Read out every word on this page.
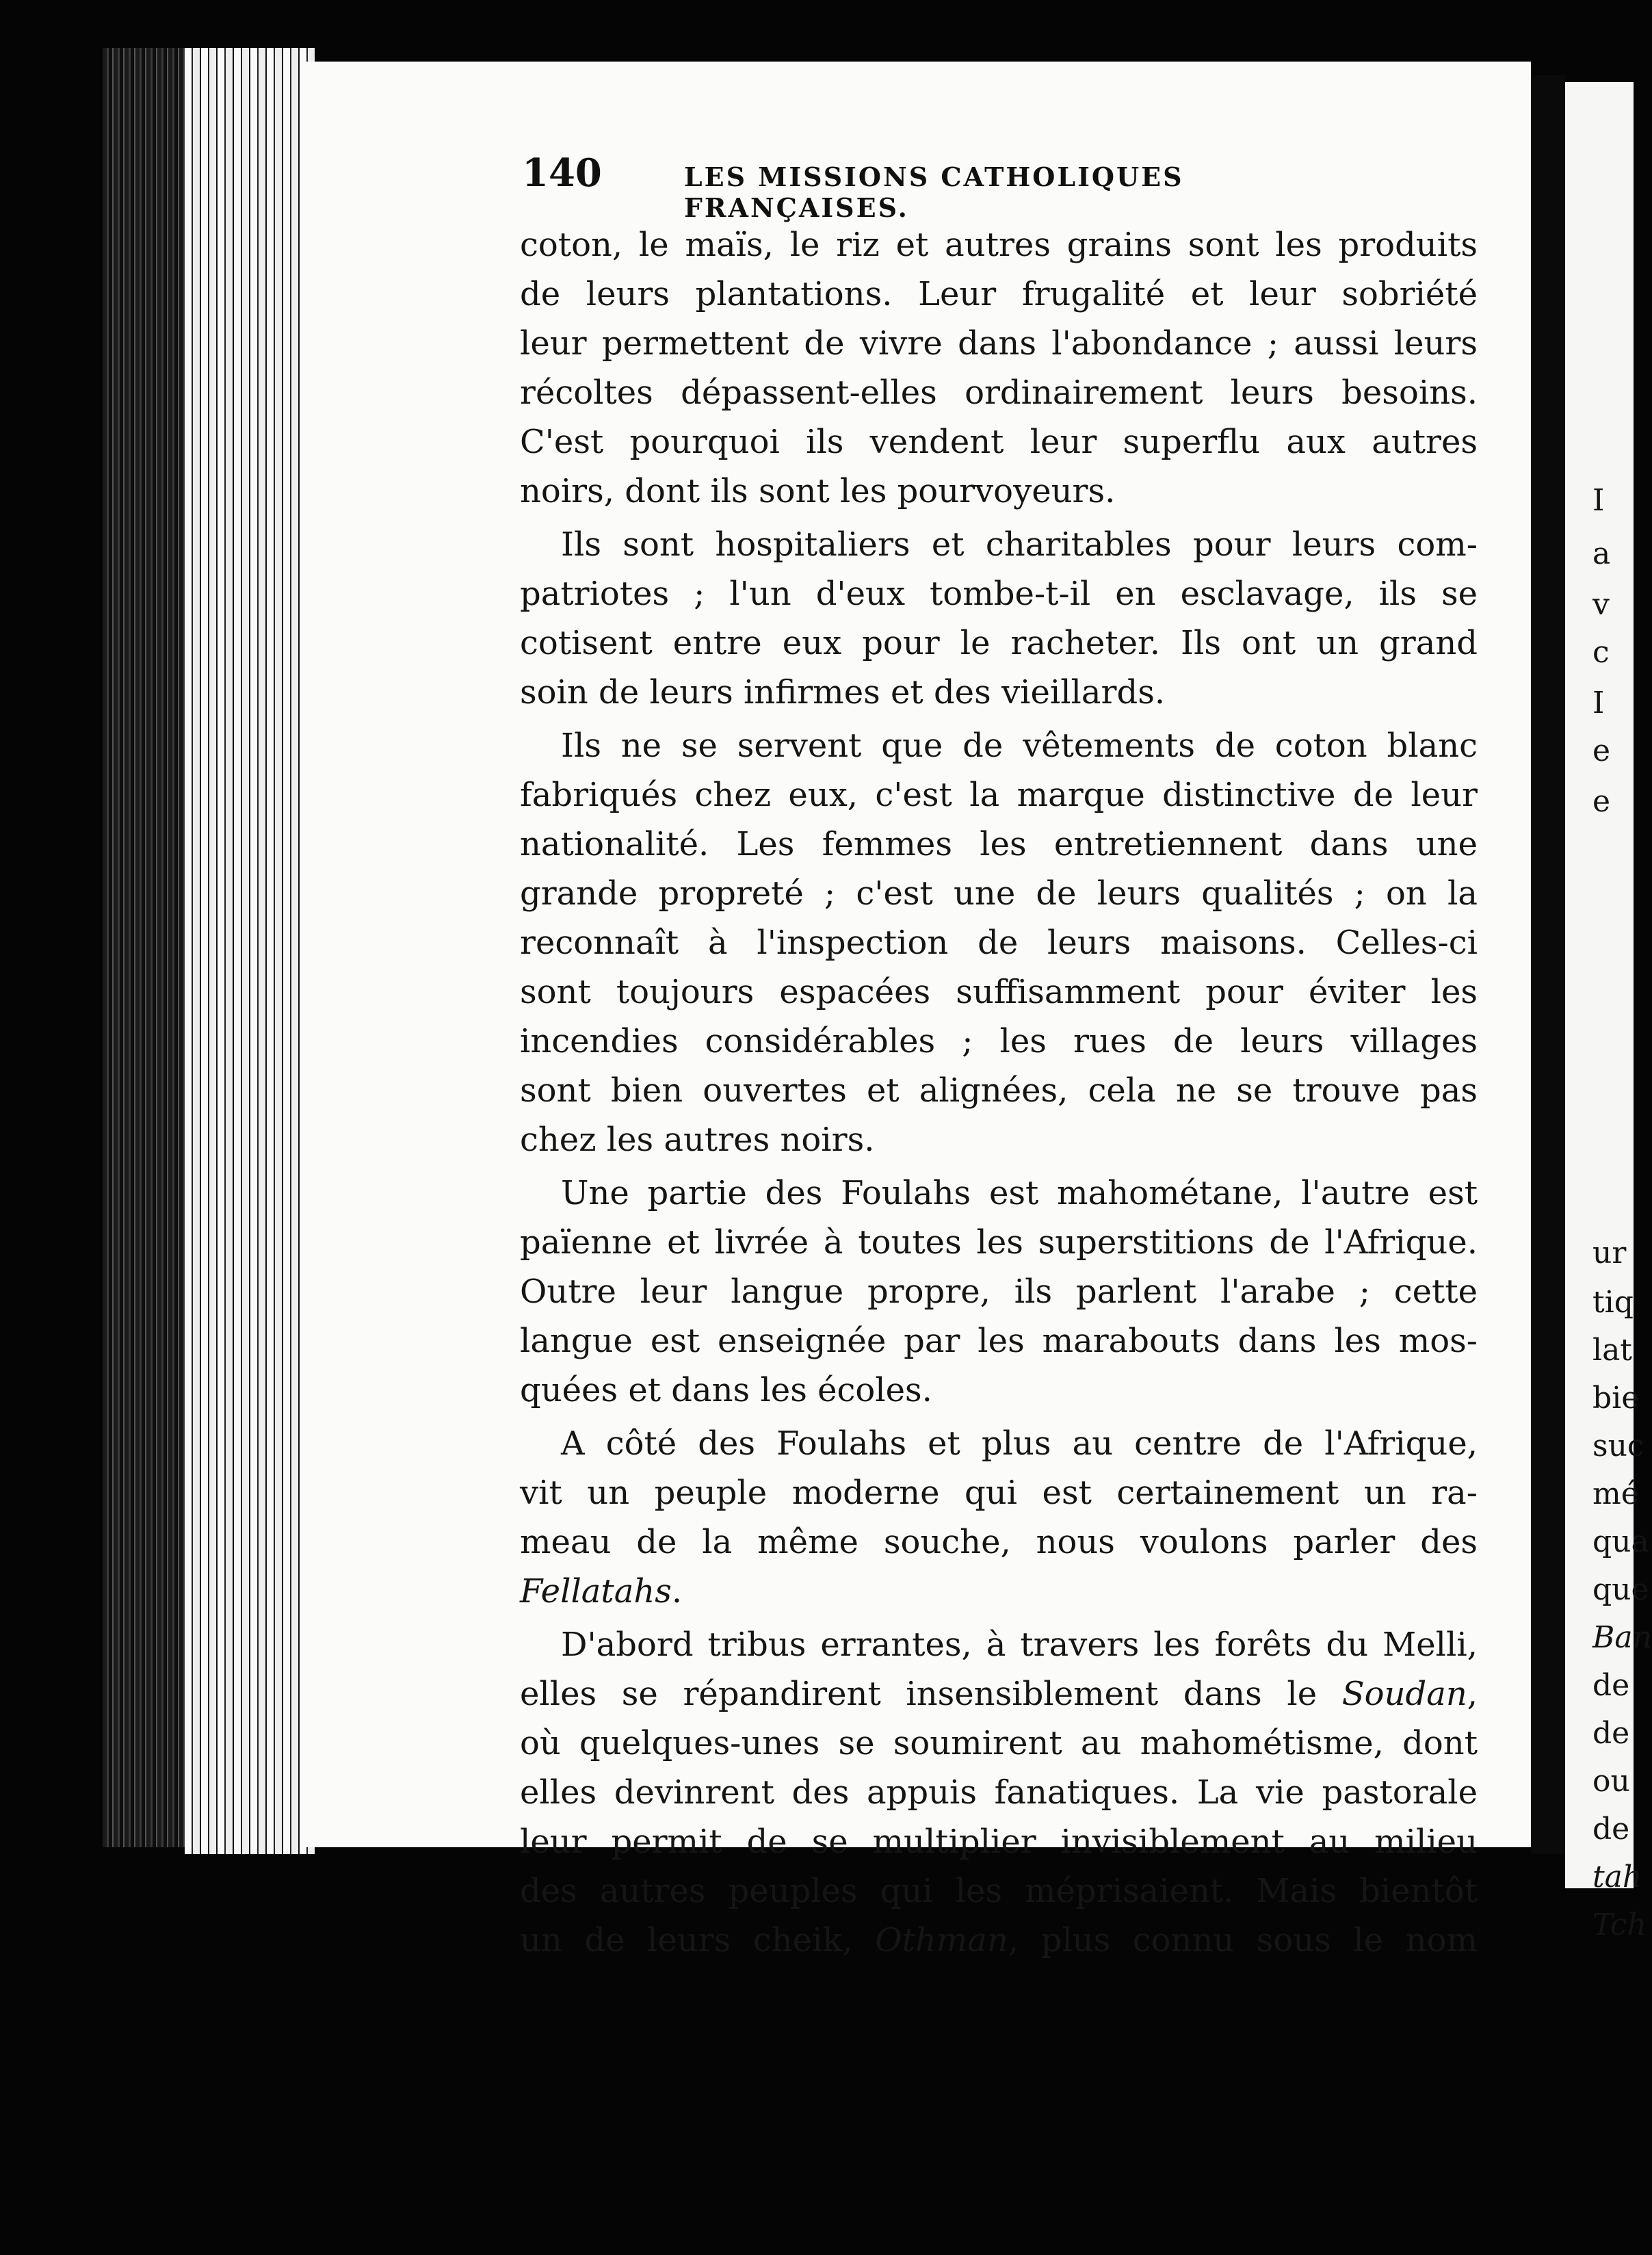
I
a
v
c
I
e
e
ur
tiq
lat
bie
suc
mé
qua
que
Ban
de
de
ou
de
tah
Tch
140	LES MISSIONS CATHOLIQUES FRANÇAISES.
coton, le maïs, le riz et autres grains sont les produits
de leurs plantations. Leur frugalité et leur sobriété
leur permettent de vivre dans l'abondance ; aussi leurs
récoltes dépassent-elles ordinairement leurs besoins.
C'est pourquoi ils vendent leur superflu aux autres
noirs, dont ils sont les pourvoyeurs.
Ils sont hospitaliers et charitables pour leurs com-
patriotes ; l'un d'eux tombe-t-il en esclavage, ils se
cotisent entre eux pour le racheter. Ils ont un grand
soin de leurs infirmes et des vieillards.
Ils ne se servent que de vêtements de coton blanc
fabriqués chez eux, c'est la marque distinctive de leur
nationalité. Les femmes les entretiennent dans une
grande propreté ; c'est une de leurs qualités ; on la
reconnaît à l'inspection de leurs maisons. Celles-ci
sont toujours espacées suffisamment pour éviter les
incendies considérables ; les rues de leurs villages
sont bien ouvertes et alignées, cela ne se trouve pas
chez les autres noirs.
Une partie des Foulahs est mahométane, l'autre est
païenne et livrée à toutes les superstitions de l'Afrique.
Outre leur langue propre, ils parlent l'arabe ; cette
langue est enseignée par les marabouts dans les mos-
quées et dans les écoles.
A côté des Foulahs et plus au centre de l'Afrique,
vit un peuple moderne qui est certainement un ra-
meau de la même souche, nous voulons parler des
Fellatahs.
D'abord tribus errantes, à travers les forêts du Melli,
elles se répandirent insensiblement dans le Soudan,
où quelques-unes se soumirent au mahométisme, dont
elles devinrent des appuis fanatiques. La vie pastorale
leur permit de se multiplier invisiblement au milieu
des autres peuples qui les méprisaient. Mais bientôt
un de leurs cheik, Othman, plus connu sous le nom
